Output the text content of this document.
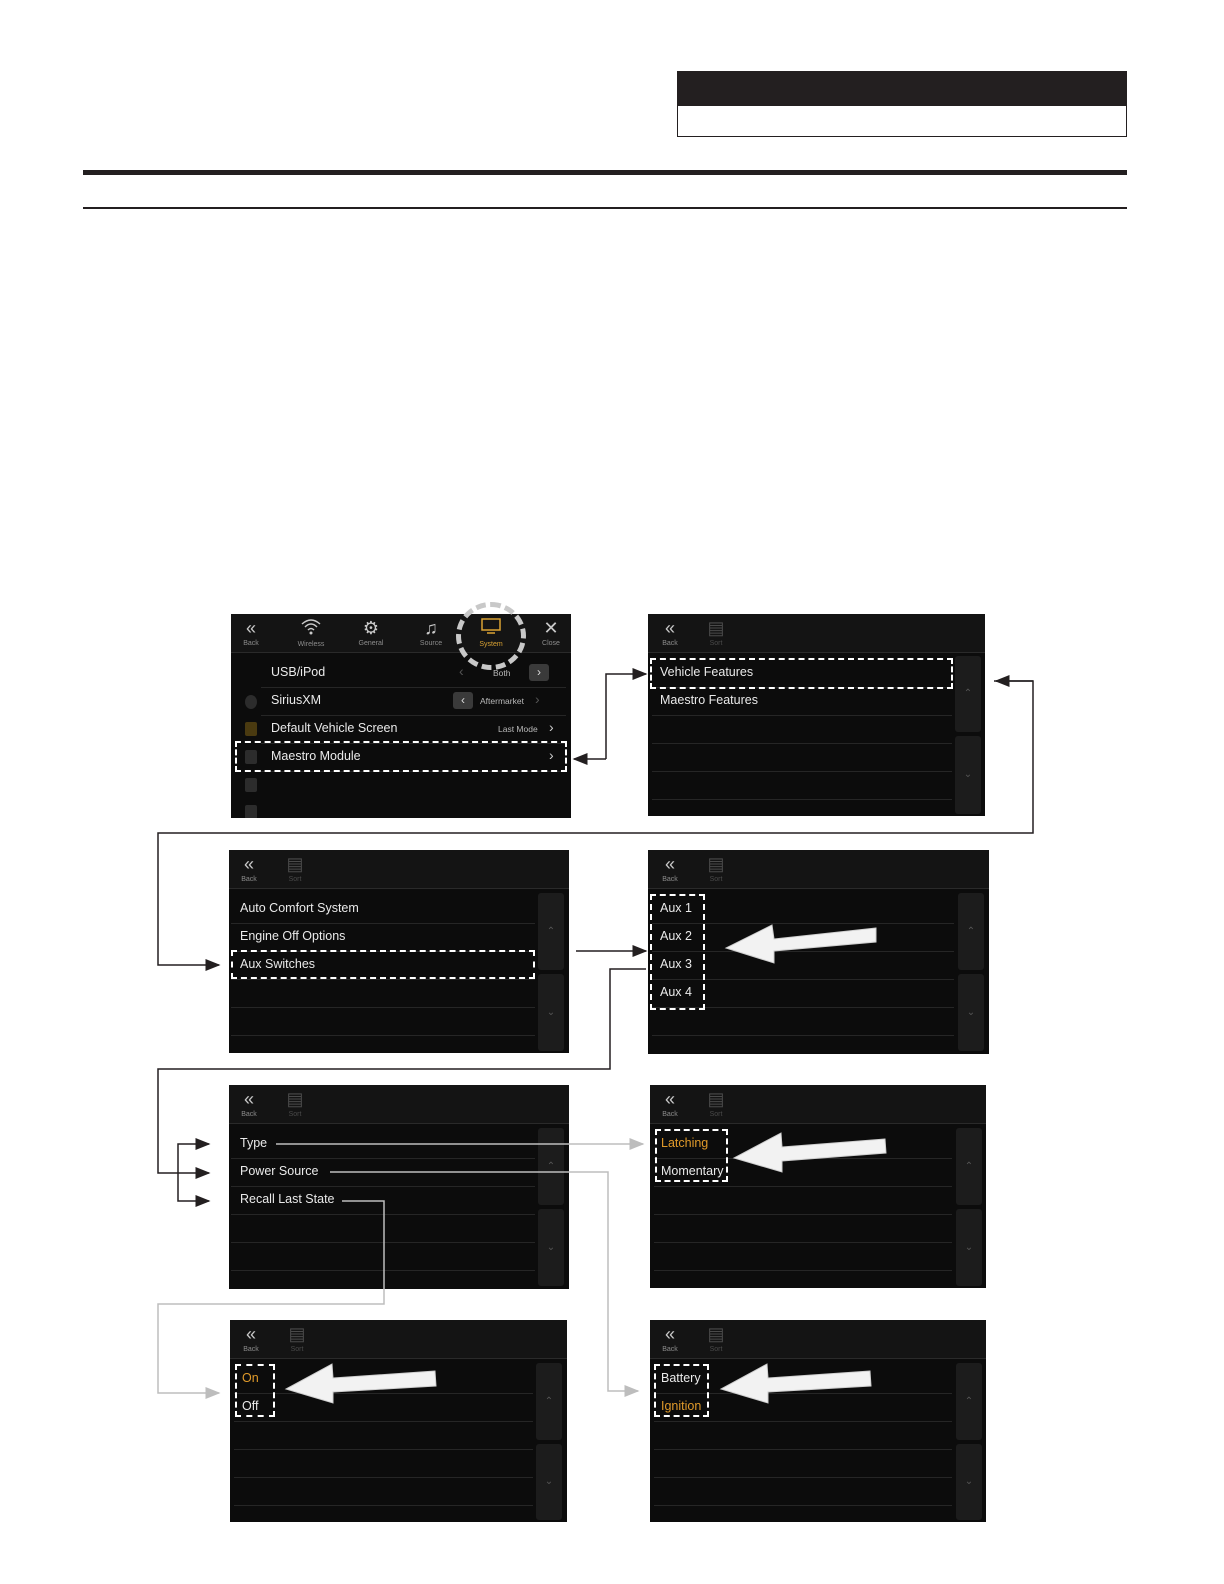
«
Back	Wireless
⚙
General
♫
Source	System
✕
Close
USB/iPod	‹	Both	›
SiriusXM	‹	Aftermarket ›
Default Vehicle Screen	Last Mode ›
Maestro Module	›
«
Back
▤
Sort
Vehicle Features
Maestro Features	⌃
⌄
«
Back
▤
Sort
Auto Comfort System
Engine Off Options
Aux Switches
⌃
⌄
«
Back
▤
Sort
Aux 1
Aux 2
Aux 3
Aux 4
⌃
⌄
«
Back
▤
Sort
Type
Power Source
Recall Last State
⌃
⌄
«
Back
▤
Sort
Latching
Momentary	⌃
⌄
«
Back
▤
Sort
On
Off	⌃
⌄
«
Back
▤
Sort
Battery
Ignition	⌃
⌄
